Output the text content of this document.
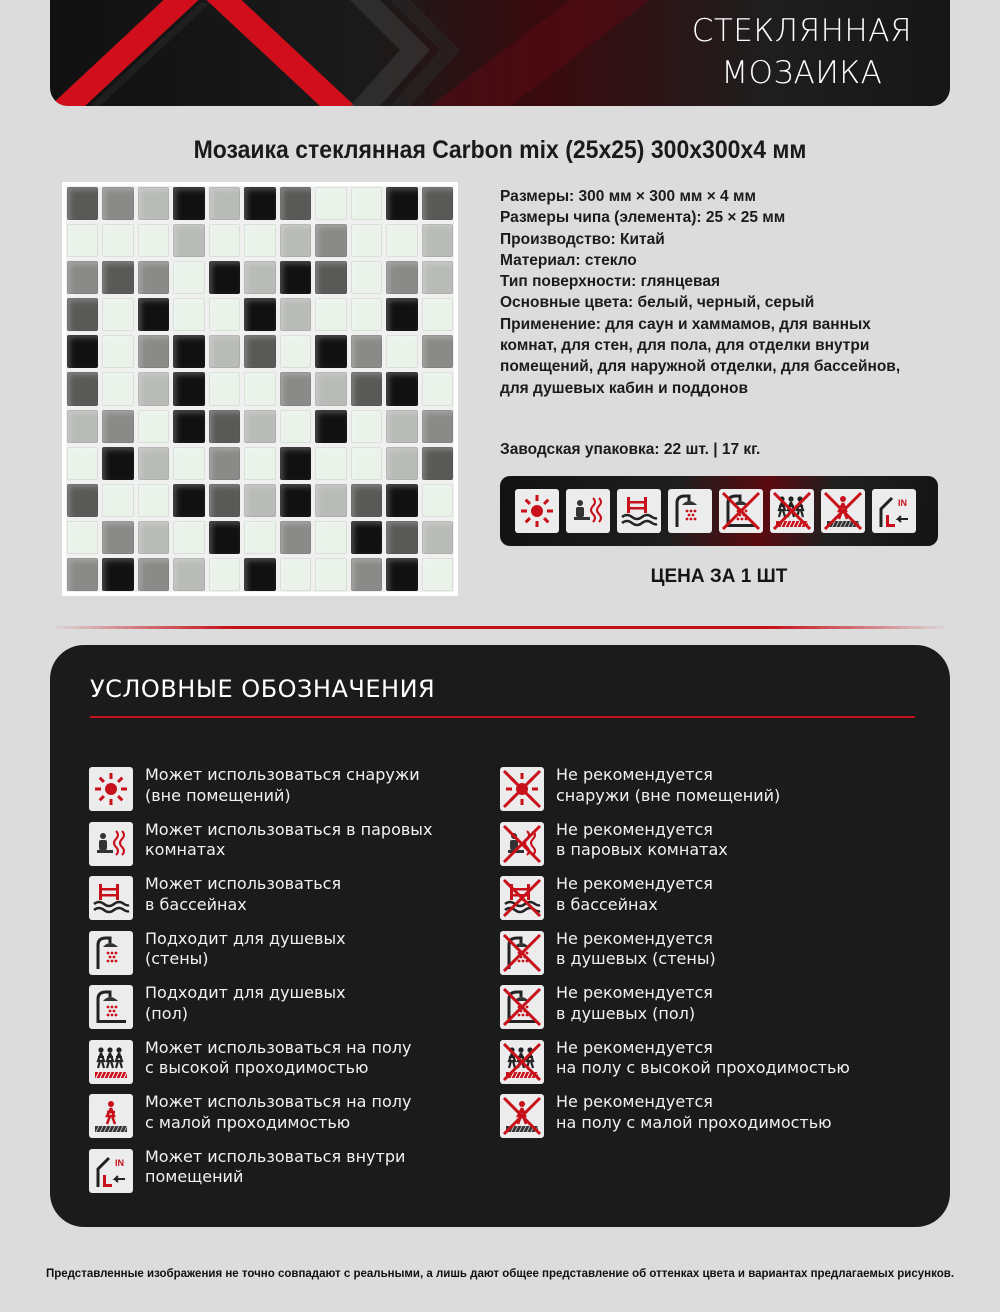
СТЕКЛЯННАЯ
МОЗАИКА
Мозаика стеклянная Carbon mix (25x25) 300x300x4 мм
Размеры: 300 мм × 300 мм × 4 мм
Размеры чипа (элемента): 25 × 25 мм
Производство: Китай
Материал: стекло
Тип поверхности: глянцевая
Основные цвета: белый, черный, серый
Применение: для саун и хаммамов, для ванных
комнат, для стен, для пола, для отделки внутри
помещений, для наружной отделки, для бассейнов,
для душевых кабин и поддонов
Заводская упаковка: 22 шт. | 17 кг.
IN
ЦЕНА ЗА 1 ШТ
УСЛОВНЫЕ ОБОЗНАЧЕНИЯ
Может использоваться снаружи
(вне помещений)
Может использоваться в паровых
комнатах
Может использоваться
в бассейнах
Подходит для душевых
(стены)
Подходит для душевых
(пол)
Может использоваться на полу
с высокой проходимостью
Может использоваться на полу
с малой проходимостью
IN Может использоваться внутри
помещений
Не рекомендуется
снаружи (вне помещений)
Не рекомендуется
в паровых комнатах
Не рекомендуется
в бассейнах
Не рекомендуется
в душевых (стены)
Не рекомендуется
в душевых (пол)
Не рекомендуется
на полу с высокой проходимостью
Не рекомендуется
на полу с малой проходимостью
Представленные изображения не точно совпадают с реальными, а лишь дают общее представление об оттенках цвета и вариантах предлагаемых рисунков.
